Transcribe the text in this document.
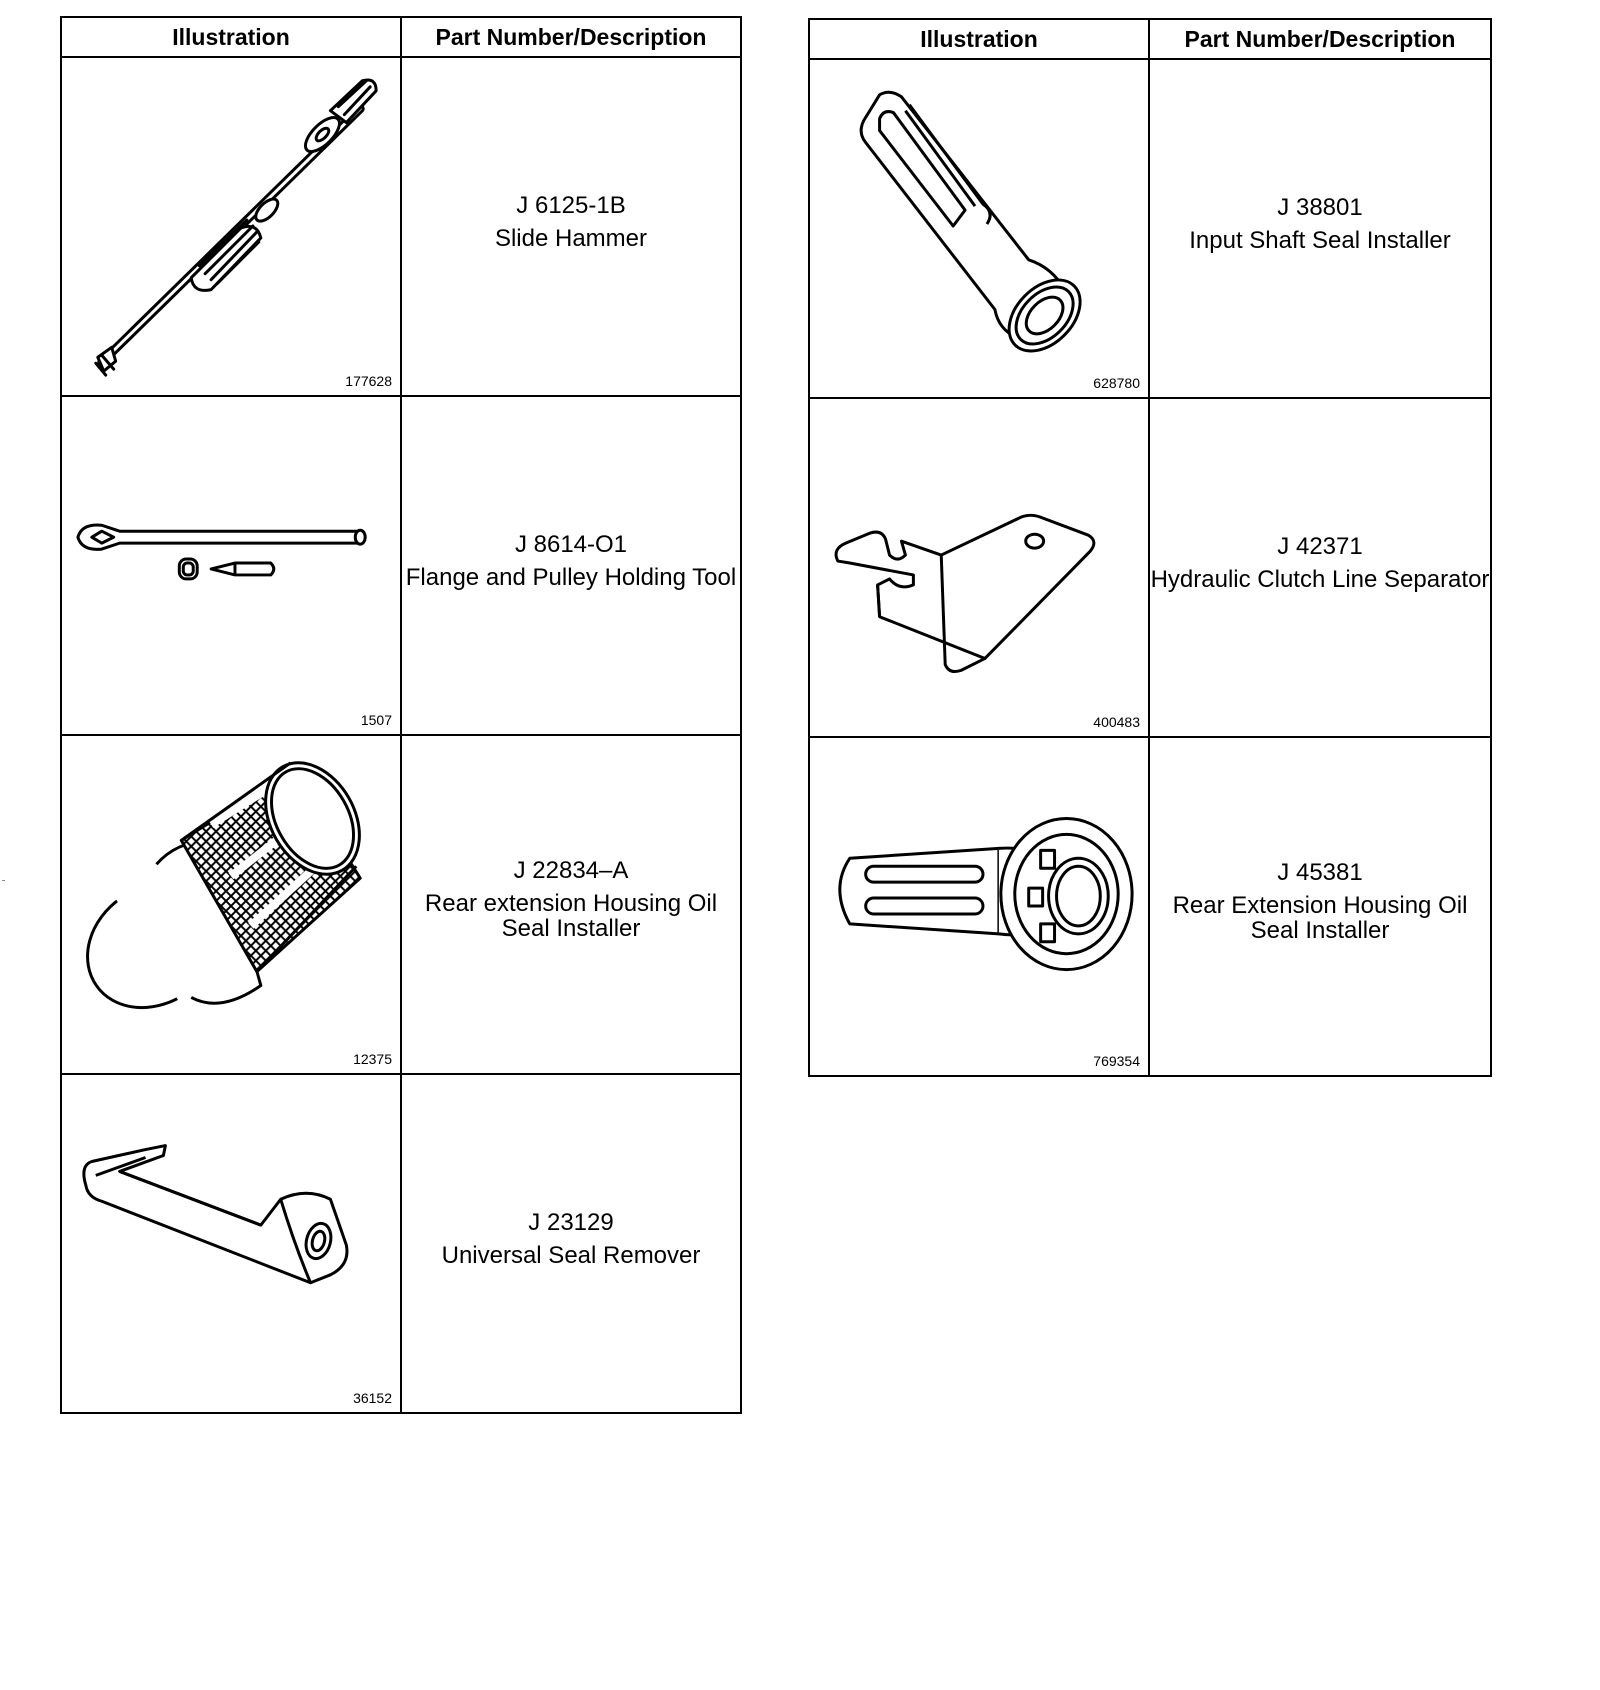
Illustration	Part Number/Description

177628	J 6125-1B
Slide Hammer

1507	J 8614-O1
Flange and Pulley Holding Tool

12375	J 22834–A
Rear extension Housing Oil Seal Installer

36152	J 23129
Universal Seal Remover
Illustration	Part Number/Description

628780	J 38801
Input Shaft Seal Installer

400483	J 42371
Hydraulic Clutch Line Separator

769354	J 45381
Rear Extension Housing Oil Seal Installer
